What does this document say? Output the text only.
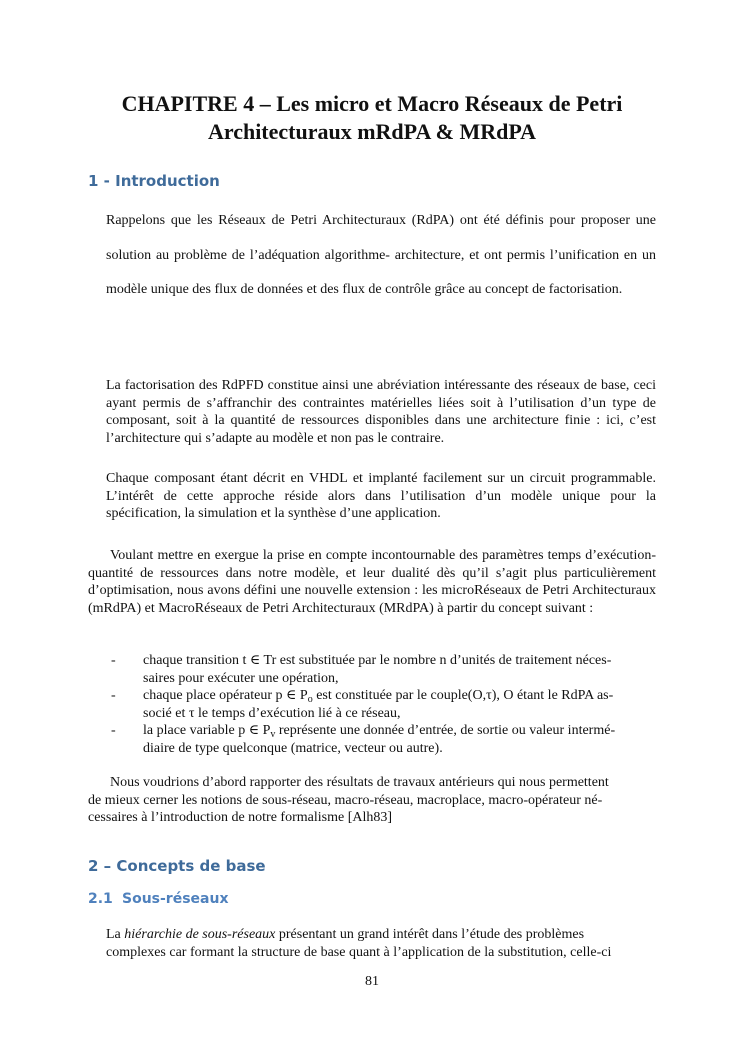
CHAPITRE 4 – Les micro et Macro Réseaux de Petri
Architecturaux mRdPA & MRdPA
1 - Introduction

Rappelons que les Réseaux de Petri Architecturaux (RdPA) ont été définis pour proposer une solution au problème de l’adéquation algorithme- architecture, et ont permis l’unification en un modèle unique des flux de données et des flux de contrôle grâce au concept de factorisation.

La factorisation des RdPFD constitue ainsi une abréviation intéressante des réseaux de base, ceci ayant permis de s’affranchir des contraintes matérielles liées soit à l’utilisation d’un type de composant, soit à la quantité de ressources disponibles dans une architecture finie : ici, c’est l’architecture qui s’adapte au modèle et non pas le contraire.

Chaque composant étant décrit en VHDL et implanté facilement sur un circuit programmable. L’intérêt de cette approche réside alors dans l’utilisation d’un modèle unique pour la spécification, la simulation et la synthèse d’une application.

Voulant mettre en exergue la prise en compte incontournable des paramètres temps d’exécution- quantité de ressources dans notre modèle, et leur dualité dès qu’il s’agit plus particulièrement d’optimisation, nous avons défini une nouvelle extension : les microRéseaux de Petri Architecturaux (mRdPA) et MacroRéseaux de Petri Architecturaux (MRdPA) à partir du concept suivant :

- chaque transition t ∈ Tr est substituée par le nombre n d’unités de traitement néces-
saires pour exécuter une opération,
- chaque place opérateur p ∈ $P_o$ est constituée par le couple(O,τ), O étant le RdPA as-
socié et τ le temps d’exécution lié à ce réseau,
- la place variable p ∈ $P_v$ représente une donnée d’entrée, de sortie ou valeur intermé-
diaire de type quelconque (matrice, vecteur ou autre).

Nous voudrions d’abord rapporter des résultats de travaux antérieurs qui nous permettent
de mieux cerner les notions de sous-réseau, macro-réseau, macroplace, macro-opérateur né-
cessaires à l’introduction de notre formalisme [Alh83]

2 – Concepts de base
2.1 Sous-réseaux

La hiérarchie de sous-réseaux présentant un grand intérêt dans l’étude des problèmes
complexes car formant la structure de base quant à l’application de la substitution, celle-ci

81
